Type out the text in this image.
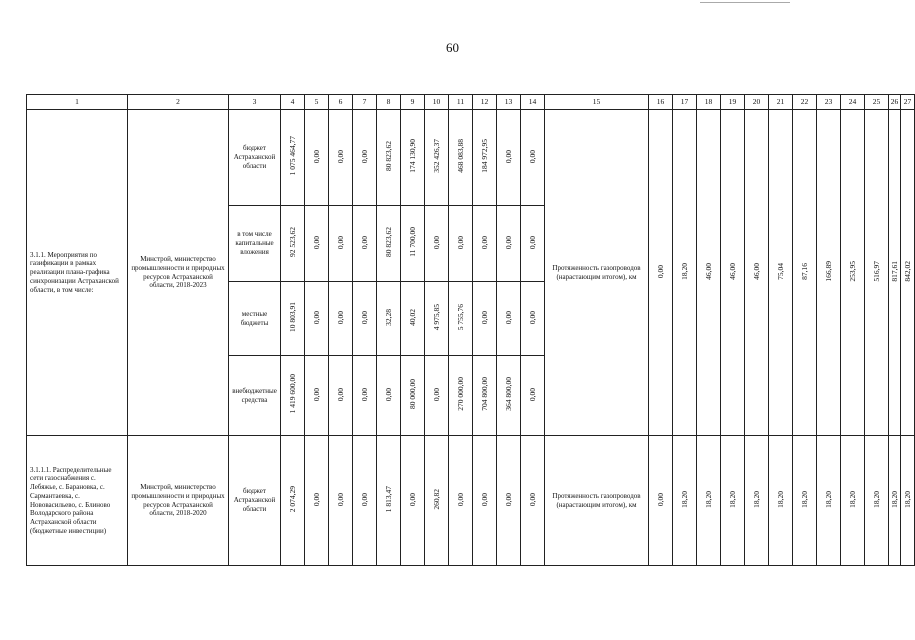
60
1	2	3	4	5	6	7	8	9	10	11	12	13	14	15	16	17	18	19	20	21	22	23	24	25	26	27
3.1.1. Мероприятия по газификации в рамках реализации плана-графика синхронизации Астраханской области, в том числе:	Минстрой, министерство промышленности и природных ресурсов Астраханской области, 2018-2023	бюджет Астраханской области	1 075 464,77	0,00	0,00	0,00	80 823,62	174 130,90	352 426,37	468 083,88	184 972,95	0,00	0,00	Протяженность газопроводов (нарастающим итогом), км	0,00	18,20	46,00	46,00	46,00	75,04	87,16	166,89	253,95	516,97	817,61	842,02
		в том числе капитальные вложения	92 523,62	0,00	0,00	0,00	80 823,62	11 700,00	0,00	0,00	0,00	0,00	0,00													
		местные бюджеты	10 803,91	0,00	0,00	0,00	32,28	40,02	4 975,85	5 755,76	0,00	0,00	0,00													
		внебюджетные средства	1 419 600,00	0,00	0,00	0,00	0,00	80 000,00	0,00	270 000,00	704 800,00	364 800,00	0,00													
3.1.1.1. Распределительные сети газоснабжения с. Лебяжье, с. Барановка, с. Сармантаевка, с. Нововасильево, с. Блиново Володарского района Астраханской области (бюджетные инвестиции)	Минстрой, министерство промышленности и природных ресурсов Астраханской области, 2018-2020	бюджет Астраханской области	2 074,29	0,00	0,00	0,00	1 813,47	0,00	260,82	0,00	0,00	0,00	0,00	Протяженность газопроводов (нарастающим итогом), км	0,00	18,20	18,20	18,20	18,20	18,20	18,20	18,20	18,20	18,20	18,20	18,20
